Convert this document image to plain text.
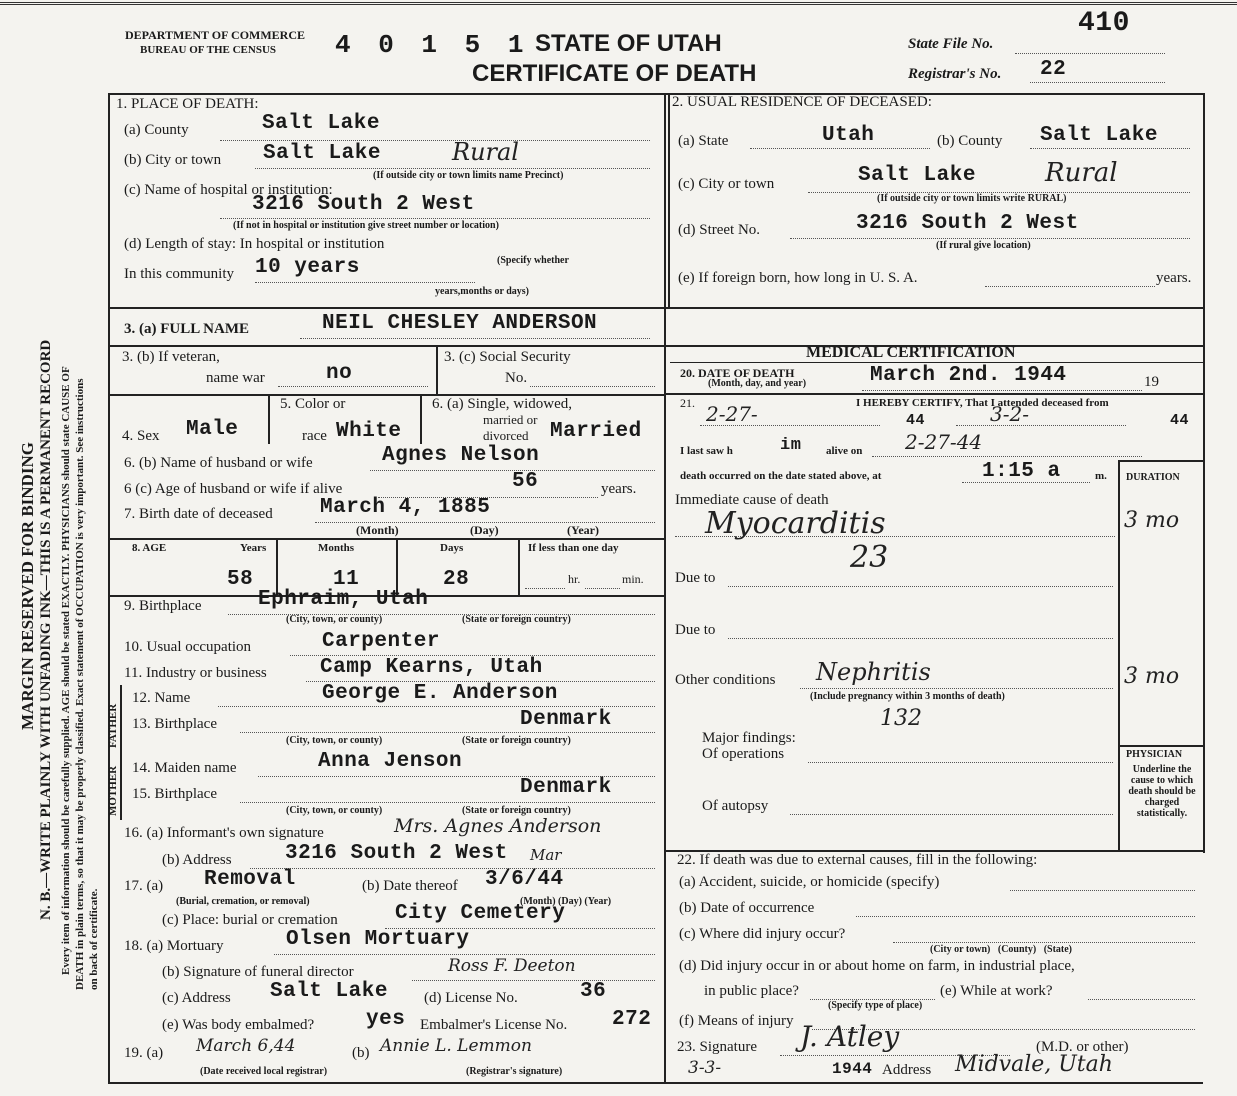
MARGIN RESERVED FOR BINDING N. B.—WRITE PLAINLY WITH UNFADING INK—THIS IS A PERMANENT RECORD Every item of information should be carefully supplied. AGE should be stated EXACTLY. PHYSICIANS should state CAUSE OF DEATH in plain terms, so that it may be properly classified. Exact statement of OCCUPATION is very important. See instructions on back of certificate.
DEPARTMENT OF COMMERCE
BUREAU OF THE CENSUS 4 0 1 5 1 STATE OF UTAH
CERTIFICATE OF DEATH
State File No.
410
Registrar's No. 22
1. PLACE OF DEATH:
(a) County	Salt Lake
(b) City or town Salt Lake	Rural
(If outside city or town limits name Precinct)
(c) Name of hospital or institution:
3216 South 2 West
(If not in hospital or institution give street number or location)
(d) Length of stay: In hospital or institution
In this community 10 years	(Specify whether
years,months or days)
2. USUAL RESIDENCE OF DECEASED:
(a) State	Utah	(b) County Salt Lake
(c) City or town	Salt Lake	Rural
(If outside city or town limits write RURAL)
(d) Street No.	3216 South 2 West
(If rural give location)
(e) If foreign born, how long in U. S. A.	years.
3. (a) FULL NAME	NEIL CHESLEY ANDERSON
3. (b) If veteran,
name war	no
3. (c) Social Security
No.
MEDICAL CERTIFICATION
20. DATE OF DEATH
(Month, day, and year)	March 2nd. 1944	19
4. Sex Male
5. Color or
race White
6. (a) Single, widowed,
married or
divorced Married
6. (b) Name of husband or wife	Agnes Nelson
6 (c) Age of husband or wife if alive	56	years.
7. Birth date of deceased March 4, 1885
(Month)	(Day)	(Year)
8. AGE	Years	Months	Days	If less than one day
58	11	28	hr.	min.
9. Birthplace	Ephraim, Utah
(City, town, or county)	(State or foreign country)
10. Usual occupation	Carpenter
11. Industry or business	Camp Kearns, Utah
FATHER
MOTHER
12. Name	George E. Anderson
13. Birthplace	Denmark
(City, town, or county)	(State or foreign country)
14. Maiden name	Anna Jenson
15. Birthplace	Denmark
(City, town, or county)	(State or foreign country)
16. (a) Informant's own signature	Mrs. Agnes Anderson
(b) Address	3216 South 2 West
17. (a) Removal
(Burial, cremation, or removal)
(b) Date thereof 3/6/44
Mar
(Month) (Day) (Year)
(c) Place: burial or cremation	City Cemetery
18. (a) Mortuary	Olsen Mortuary
(b) Signature of funeral director	Ross F. Deeton
(c) Address Salt Lake (d) License No.	36
(e) Was body embalmed? yes Embalmer's License No. 272
19. (a) March 6,44
(Date received local registrar)
(b) Annie L. Lemmon
(Registrar's signature)
21.	I HEREBY CERTIFY, That I attended deceased from
2-27-	44	3-2-	44
I last saw h	im alive on 2-27-44
death occurred on the date stated above, at	1:15 a	m. DURATION
Immediate cause of death
Myocarditis	3 mo
Due to
23
Due to
Other conditions Nephritis	3 mo
(Include pregnancy within 3 months of death)
132
Major findings:
Of operations
Of autopsy
PHYSICIAN
Underline the cause to which death should be charged statistically.
22. If death was due to external causes, fill in the following:
(a) Accident, suicide, or homicide (specify)
(b) Date of occurrence
(c) Where did injury occur?
(City or town)   (County)   (State)
(d) Did injury occur in or about home on farm, in industrial place,
in public place?
(Specify type of place)
(e) While at work?
(f) Means of injury
23. Signature J. Atley	(M.D. or other)
3-3-	1944 Address Midvale, Utah
